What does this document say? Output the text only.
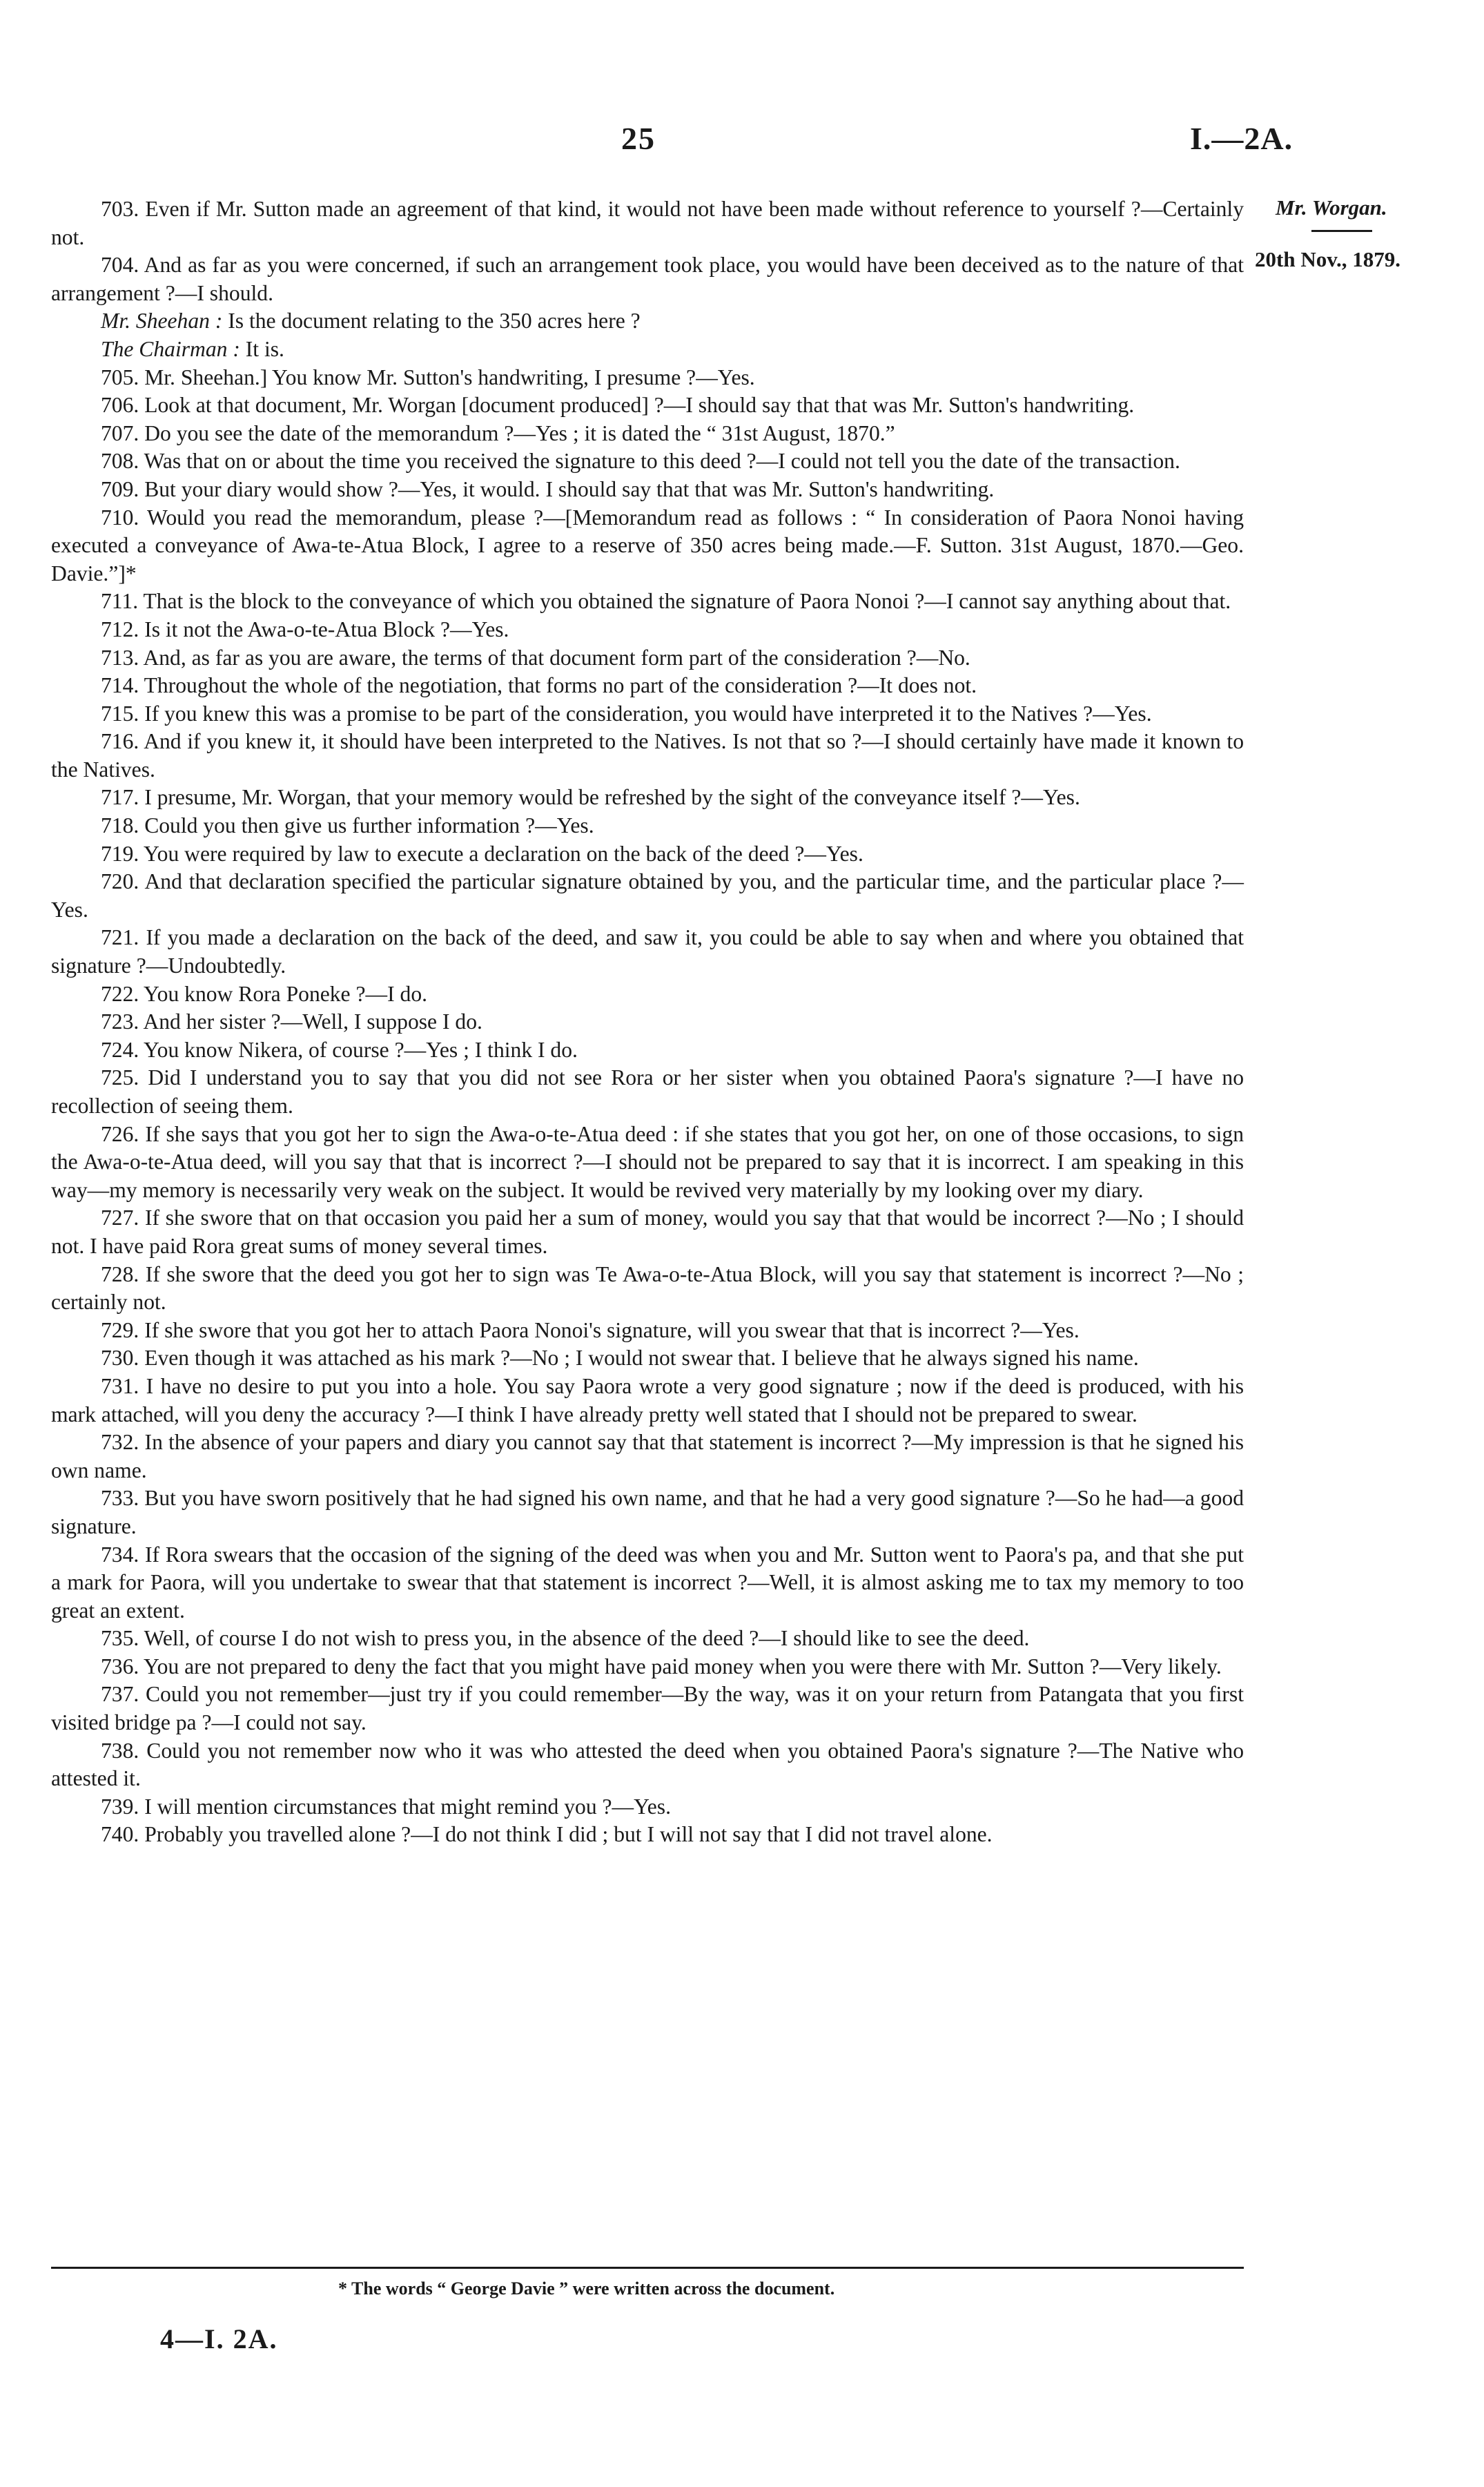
25	I.—2A.
Mr. Worgan.
20th Nov., 1879.

703. Even if Mr. Sutton made an agreement of that kind, it would not have been made without reference to yourself ?—Certainly not.

704. And as far as you were concerned, if such an arrangement took place, you would have been deceived as to the nature of that arrangement ?—I should.

Mr. Sheehan : Is the document relating to the 350 acres here ?

The Chairman : It is.

705. Mr. Sheehan.] You know Mr. Sutton's handwriting, I presume ?—Yes.

706. Look at that document, Mr. Worgan [document produced] ?—I should say that that was Mr. Sutton's handwriting.

707. Do you see the date of the memorandum ?—Yes ; it is dated the “ 31st August, 1870.”

708. Was that on or about the time you received the signature to this deed ?—I could not tell you the date of the transaction.

709. But your diary would show ?—Yes, it would. I should say that that was Mr. Sutton's handwriting.

710. Would you read the memorandum, please ?—[Memorandum read as follows : “ In consideration of Paora Nonoi having executed a conveyance of Awa-te-Atua Block, I agree to a reserve of 350 acres being made.—F. Sutton. 31st August, 1870.—Geo. Davie.”]*

711. That is the block to the conveyance of which you obtained the signature of Paora Nonoi ?—I cannot say anything about that.

712. Is it not the Awa-o-te-Atua Block ?—Yes.

713. And, as far as you are aware, the terms of that document form part of the consideration ?—No.

714. Throughout the whole of the negotiation, that forms no part of the consideration ?—It does not.

715. If you knew this was a promise to be part of the consideration, you would have interpreted it to the Natives ?—Yes.

716. And if you knew it, it should have been interpreted to the Natives. Is not that so ?—I should certainly have made it known to the Natives.

717. I presume, Mr. Worgan, that your memory would be refreshed by the sight of the conveyance itself ?—Yes.

718. Could you then give us further information ?—Yes.

719. You were required by law to execute a declaration on the back of the deed ?—Yes.

720. And that declaration specified the particular signature obtained by you, and the particular time, and the particular place ?—Yes.

721. If you made a declaration on the back of the deed, and saw it, you could be able to say when and where you obtained that signature ?—Undoubtedly.

722. You know Rora Poneke ?—I do.

723. And her sister ?—Well, I suppose I do.

724. You know Nikera, of course ?—Yes ; I think I do.

725. Did I understand you to say that you did not see Rora or her sister when you obtained Paora's signature ?—I have no recollection of seeing them.

726. If she says that you got her to sign the Awa-o-te-Atua deed : if she states that you got her, on one of those occasions, to sign the Awa-o-te-Atua deed, will you say that that is incorrect ?—I should not be prepared to say that it is incorrect. I am speaking in this way—my memory is necessarily very weak on the subject. It would be revived very materially by my looking over my diary.

727. If she swore that on that occasion you paid her a sum of money, would you say that that would be incorrect ?—No ; I should not. I have paid Rora great sums of money several times.

728. If she swore that the deed you got her to sign was Te Awa-o-te-Atua Block, will you say that statement is incorrect ?—No ; certainly not.

729. If she swore that you got her to attach Paora Nonoi's signature, will you swear that that is incorrect ?—Yes.

730. Even though it was attached as his mark ?—No ; I would not swear that. I believe that he always signed his name.

731. I have no desire to put you into a hole. You say Paora wrote a very good signature ; now if the deed is produced, with his mark attached, will you deny the accuracy ?—I think I have already pretty well stated that I should not be prepared to swear.

732. In the absence of your papers and diary you cannot say that that statement is incorrect ?—My impression is that he signed his own name.

733. But you have sworn positively that he had signed his own name, and that he had a very good signature ?—So he had—a good signature.

734. If Rora swears that the occasion of the signing of the deed was when you and Mr. Sutton went to Paora's pa, and that she put a mark for Paora, will you undertake to swear that that statement is incorrect ?—Well, it is almost asking me to tax my memory to too great an extent.

735. Well, of course I do not wish to press you, in the absence of the deed ?—I should like to see the deed.

736. You are not prepared to deny the fact that you might have paid money when you were there with Mr. Sutton ?—Very likely.

737. Could you not remember—just try if you could remember—By the way, was it on your return from Patangata that you first visited bridge pa ?—I could not say.

738. Could you not remember now who it was who attested the deed when you obtained Paora's signature ?—The Native who attested it.

739. I will mention circumstances that might remind you ?—Yes.

740. Probably you travelled alone ?—I do not think I did ; but I will not say that I did not travel alone.

* The words “ George Davie ” were written across the document.
4—I. 2A.
